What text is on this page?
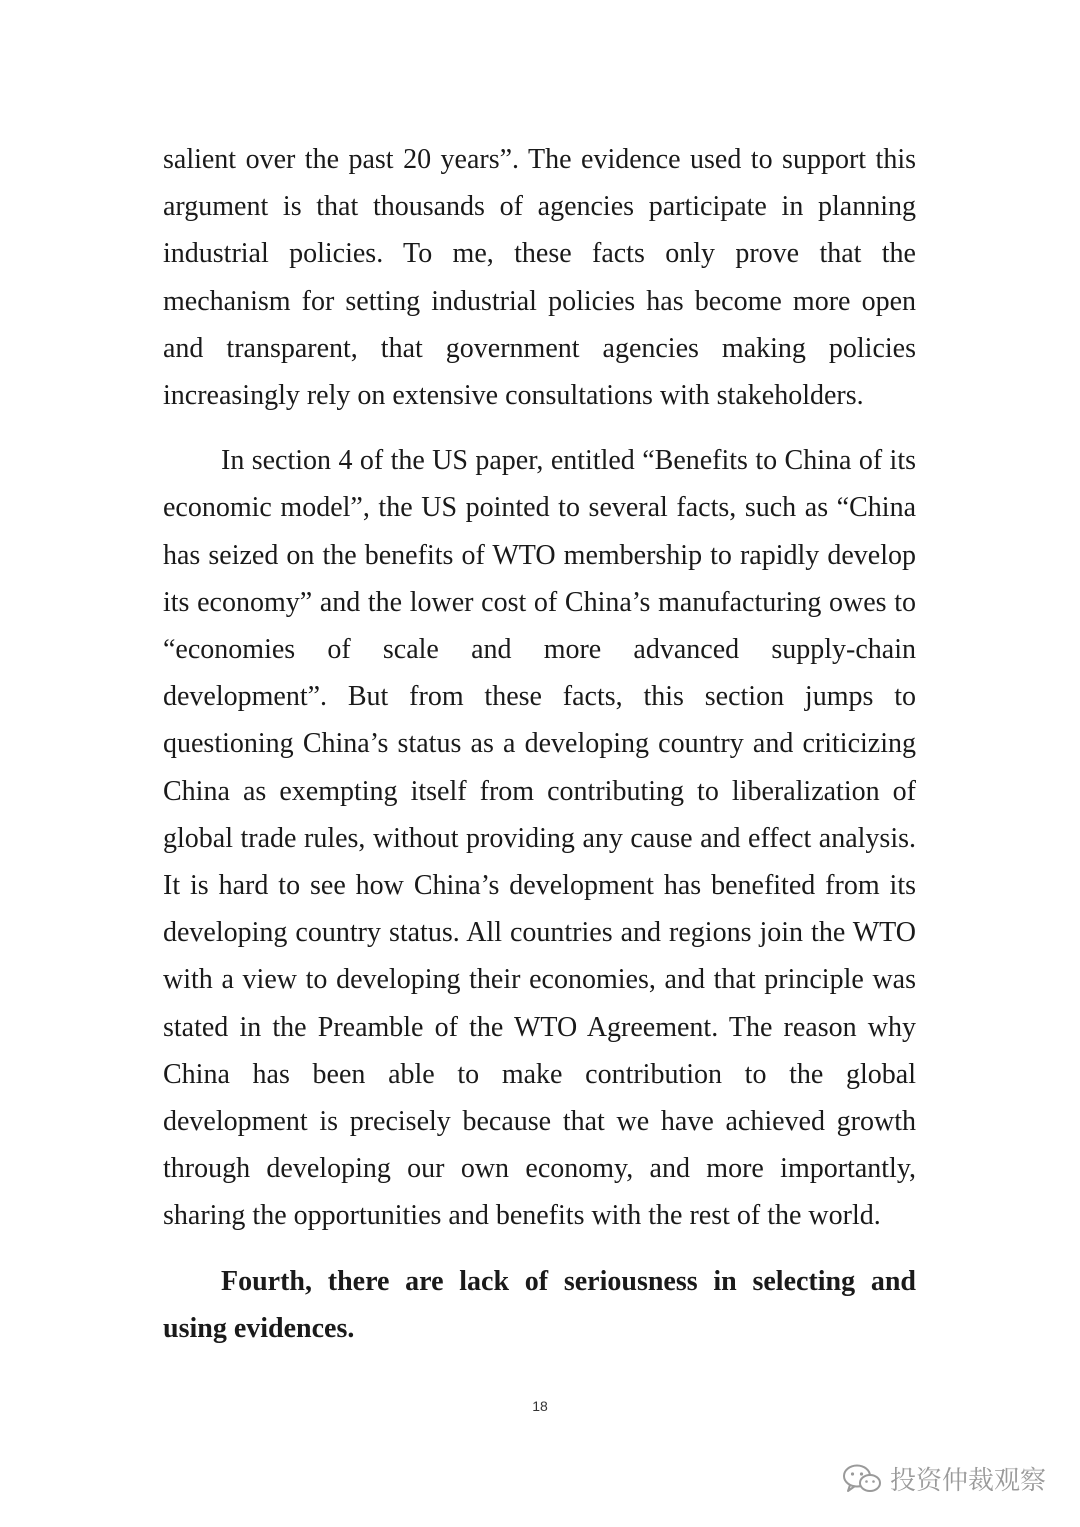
salient over the past 20 years”. The evidence used to support this argument is that thousands of agencies participate in planning industrial policies. To me, these facts only prove that the mechanism for setting industrial policies has become more open and transparent, that government agencies making policies increasingly rely on extensive consultations with stakeholders.

In section 4 of the US paper, entitled “Benefits to China of its economic model”, the US pointed to several facts, such as “China has seized on the benefits of WTO membership to rapidly develop its economy” and the lower cost of China’s manufacturing owes to “economies of scale and more advanced supply-chain development”. But from these facts, this section jumps to questioning China’s status as a developing country and criticizing China as exempting itself from contributing to liberalization of global trade rules, without providing any cause and effect analysis. It is hard to see how China’s development has benefited from its developing country status. All countries and regions join the WTO with a view to developing their economies, and that principle was stated in the Preamble of the WTO Agreement. The reason why China has been able to make contribution to the global development is precisely because that we have achieved growth through developing our own economy, and more importantly, sharing the opportunities and benefits with the rest of the world.

Fourth, there are lack of seriousness in selecting and using evidences.

18
投资仲裁观察
